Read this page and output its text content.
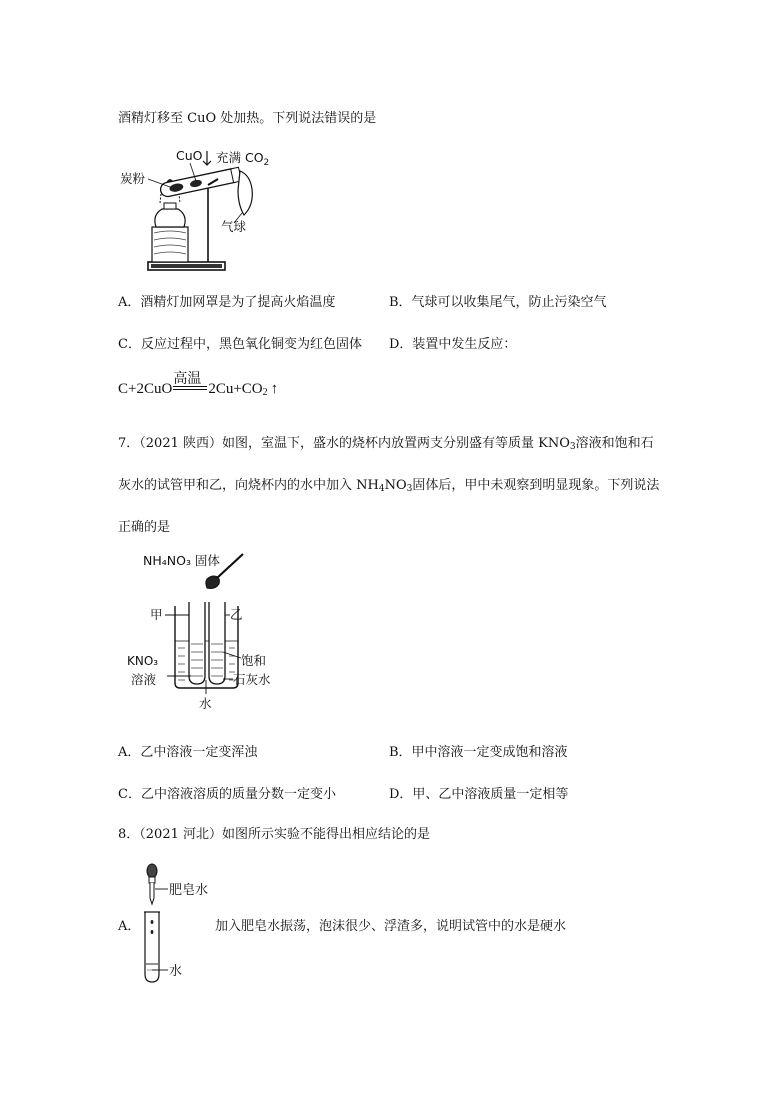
酒精灯移至 CuO 处加热。下列说法错误的是
CuO 充满 $CO_2$
炭粉
气球
A．酒精灯加网罩是为了提高火焰温度	B．气球可以收集尾气，防止污染空气
C．反应过程中，黑色氧化铜变为红色固体 D．装置中发生反应：
C+2CuO
高温
$2Cu+CO_2$ ↑
7．（2021 陕西）如图，室温下，盛水的烧杯内放置两支分别盛有等质量 $KNO_3$溶液和饱和石
灰水的试管甲和乙，向烧杯内的水中加入 $NH_4NO_3$固体后，甲中未观察到明显现象。下列说法
正确的是
NH₄NO₃ 固体
甲	乙
KNO₃
溶液
饱和
石灰水
水
A．乙中溶液一定变浑浊	B．甲中溶液一定变成饱和溶液
C．乙中溶液溶质的质量分数一定变小	D．甲、乙中溶液质量一定相等
8．（2021 河北）如图所示实验不能得出相应结论的是
肥皂水
水
A．	加入肥皂水振荡，泡沫很少、浮渣多，说明试管中的水是硬水
